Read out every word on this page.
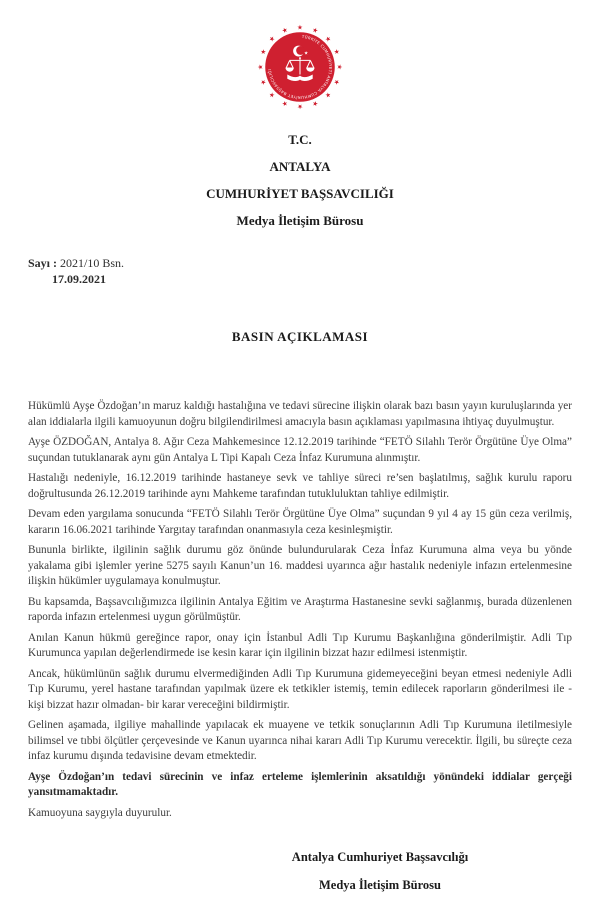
★ ★
★
★
★
★
★
★
★
★
★
★
★
★
★
★
TÜRKİYE CUMHURİYETİ ANTALYA CUMHURİYET BAŞSAVCILIĞI
★
T.C.
ANTALYA
CUMHURİYET BAŞSAVCILIĞI
Medya İletişim Bürosu
Sayı : 2021/10 Bsn.
17.09.2021
BASIN AÇIKLAMASI

Hükümlü Ayşe Özdoğan’ın maruz kaldığı hastalığına ve tedavi sürecine ilişkin olarak bazı basın yayın kuruluşlarında yer alan iddialarla ilgili kamuoyunun doğru bilgilendirilmesi amacıyla basın açıklaması yapılmasına ihtiyaç duyulmuştur.

Ayşe ÖZDOĞAN, Antalya 8. Ağır Ceza Mahkemesince 12.12.2019 tarihinde “FETÖ Silahlı Terör Örgütüne Üye Olma” suçundan tutuklanarak aynı gün Antalya L Tipi Kapalı Ceza İnfaz Kurumuna alınmıştır.

Hastalığı nedeniyle, 16.12.2019 tarihinde hastaneye sevk ve tahliye süreci re’sen başlatılmış, sağlık kurulu raporu doğrultusunda 26.12.2019 tarihinde aynı Mahkeme tarafından tutukluluktan tahliye edilmiştir.

Devam eden yargılama sonucunda “FETÖ Silahlı Terör Örgütüne Üye Olma” suçundan 9 yıl 4 ay 15 gün ceza verilmiş, kararın 16.06.2021 tarihinde Yargıtay tarafından onanmasıyla ceza kesinleşmiştir.

Bununla birlikte, ilgilinin sağlık durumu göz önünde bulundurularak Ceza İnfaz Kurumuna alma veya bu yönde yakalama gibi işlemler yerine 5275 sayılı Kanun’un 16. maddesi uyarınca ağır hastalık nedeniyle infazın ertelenmesine ilişkin hükümler uygulamaya konulmuştur.

Bu kapsamda, Başsavcılığımızca ilgilinin Antalya Eğitim ve Araştırma Hastanesine sevki sağlanmış, burada düzenlenen raporda infazın ertelenmesi uygun görülmüştür.

Anılan Kanun hükmü gereğince rapor, onay için İstanbul Adli Tıp Kurumu Başkanlığına gönderilmiştir. Adli Tıp Kurumunca yapılan değerlendirmede ise kesin karar için ilgilinin bizzat hazır edilmesi istenmiştir.

Ancak, hükümlünün sağlık durumu elvermediğinden Adli Tıp Kurumuna gidemeyeceğini beyan etmesi nedeniyle Adli Tıp Kurumu, yerel hastane tarafından yapılmak üzere ek tetkikler istemiş, temin edilecek raporların gönderilmesi ile - kişi bizzat hazır olmadan- bir karar vereceğini bildirmiştir.

Gelinen aşamada, ilgiliye mahallinde yapılacak ek muayene ve tetkik sonuçlarının Adli Tıp Kurumuna iletilmesiyle bilimsel ve tıbbi ölçütler çerçevesinde ve Kanun uyarınca nihai kararı Adli Tıp Kurumu verecektir. İlgili, bu süreçte ceza infaz kurumu dışında tedavisine devam etmektedir.

Ayşe Özdoğan’ın tedavi sürecinin ve infaz erteleme işlemlerinin aksatıldığı yönündeki iddialar gerçeği yansıtmamaktadır.

Kamuoyuna saygıyla duyurulur.

Antalya Cumhuriyet Başsavcılığı
Medya İletişim Bürosu
